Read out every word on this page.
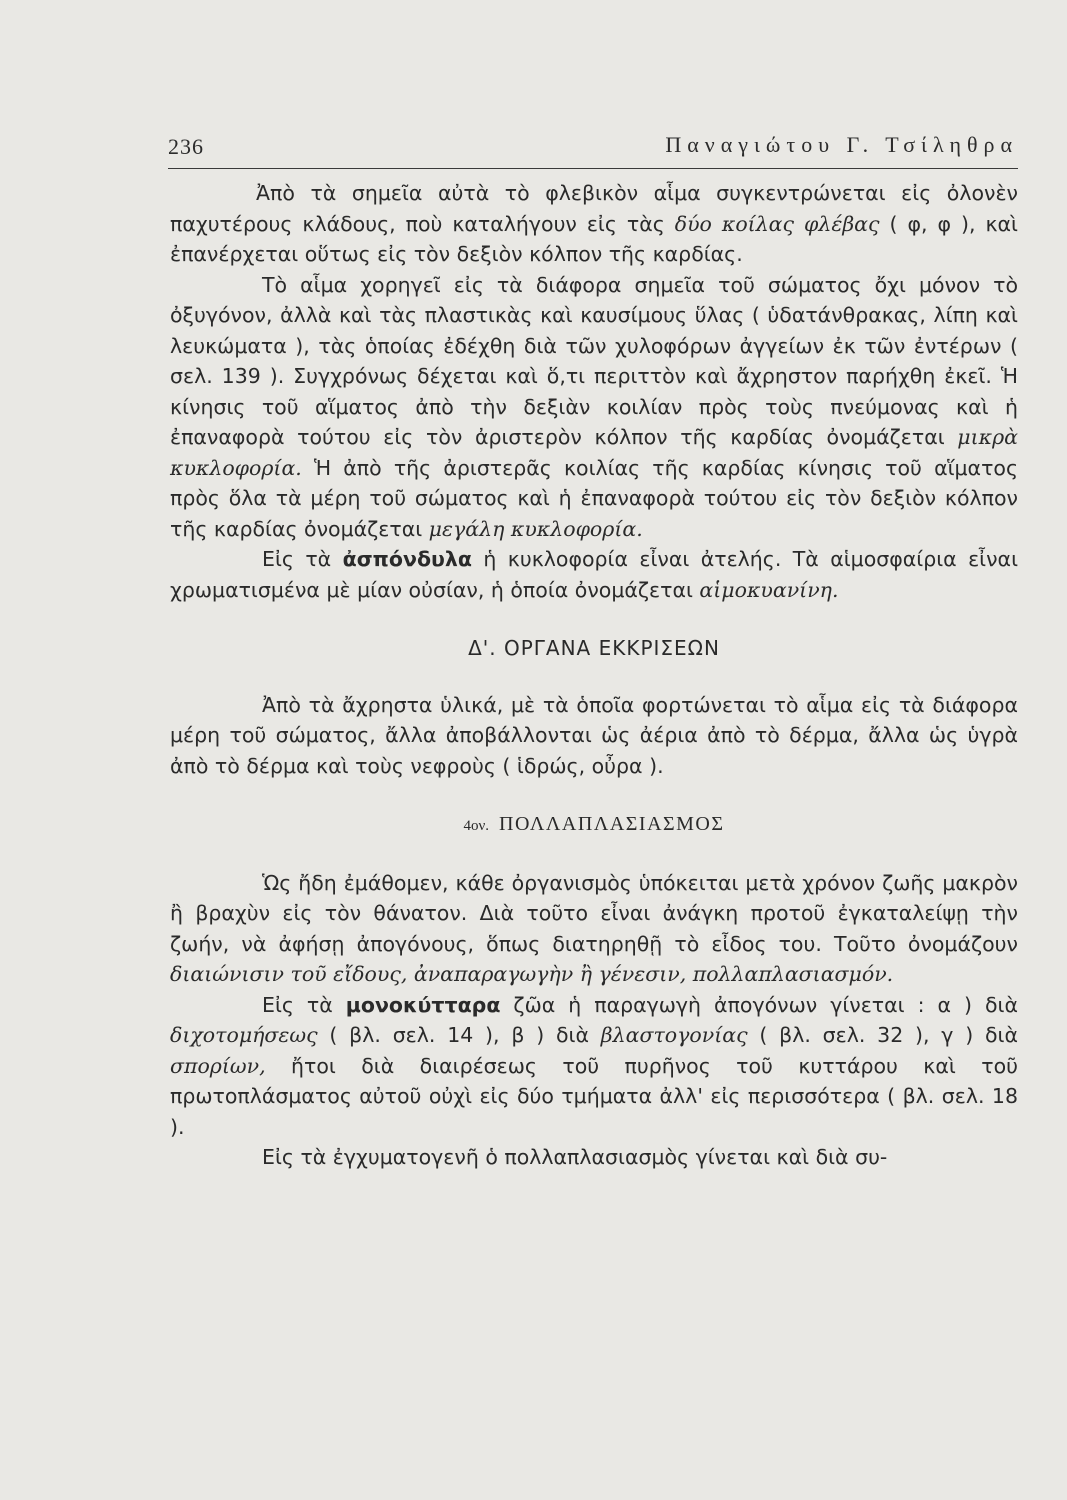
236	Παναγιώτου Γ. Τσίληθρα

Ἀπὸ τὰ σημεῖα αὐτὰ τὸ φλεβικὸν αἷμα συγκεντρώνεται εἰς ὀλονὲν παχυτέρους κλάδους, ποὺ καταλήγουν εἰς τὰς δύο κοίλας φλέβας ( φ, φ ), καὶ ἐπανέρχεται οὕτως εἰς τὸν δεξιὸν κόλπον τῆς καρδίας.

Τὸ αἷμα χορηγεῖ εἰς τὰ διάφορα σημεῖα τοῦ σώματος ὄχι μόνον τὸ ὀξυγόνον, ἀλλὰ καὶ τὰς πλαστικὰς καὶ καυσίμους ὕλας ( ὑδατάνθρακας, λίπη καὶ λευκώματα ), τὰς ὁποίας ἐδέχθη διὰ τῶν χυλοφόρων ἀγγείων ἐκ τῶν ἐντέρων ( σελ. 139 ). Συγχρόνως δέχεται καὶ ὅ,τι περιττὸν καὶ ἄχρηστον παρήχθη ἐκεῖ. Ἡ κίνησις τοῦ αἵματος ἀπὸ τὴν δεξιὰν κοιλίαν πρὸς τοὺς πνεύμονας καὶ ἡ ἐπαναφορὰ τούτου εἰς τὸν ἀριστερὸν κόλπον τῆς καρδίας ὀνομάζεται μικρὰ κυκλοφορία. Ἡ ἀπὸ τῆς ἀριστερᾶς κοιλίας τῆς καρδίας κίνησις τοῦ αἵματος πρὸς ὅλα τὰ μέρη τοῦ σώματος καὶ ἡ ἐπαναφορὰ τούτου εἰς τὸν δεξιὸν κόλπον τῆς καρδίας ὀνομάζεται μεγάλη κυκλοφορία.

Εἰς τὰ ἀσπόνδυλα ἡ κυκλοφορία εἶναι ἀτελής. Τὰ αἱμοσφαίρια εἶναι χρωματισμένα μὲ μίαν οὐσίαν, ἡ ὁποία ὀνομάζεται αἱμοκυανίνη.

Δ'. ΟΡΓΑΝΑ ΕΚΚΡΙΣΕΩΝ

Ἀπὸ τὰ ἄχρηστα ὑλικά, μὲ τὰ ὁποῖα φορτώνεται τὸ αἷμα εἰς τὰ διάφορα μέρη τοῦ σώματος, ἄλλα ἀποβάλλονται ὡς ἀέρια ἀπὸ τὸ δέρμα, ἄλλα ὡς ὑγρὰ ἀπὸ τὸ δέρμα καὶ τοὺς νεφροὺς ( ἱδρώς, οὖρα ).

4ον. ΠΟΛΛΑΠΛΑΣΙΑΣΜΟΣ

Ὡς ἤδη ἐμάθομεν, κάθε ὀργανισμὸς ὑπόκειται μετὰ χρόνον ζωῆς μακρὸν ἢ βραχὺν εἰς τὸν θάνατον. Διὰ τοῦτο εἶναι ἀνάγκη προτοῦ ἐγκαταλείψῃ τὴν ζωήν, νὰ ἀφήσῃ ἀπογόνους, ὅπως διατηρηθῇ τὸ εἶδος του. Τοῦτο ὀνομάζουν διαιώνισιν τοῦ εἴδους, ἀναπαραγωγὴν ἢ γένεσιν, πολλαπλασιασμόν.

Εἰς τὰ μονοκύτταρα ζῶα ἡ παραγωγὴ ἀπογόνων γίνεται : α ) διὰ διχοτομήσεως ( βλ. σελ. 14 ), β ) διὰ βλαστογονίας ( βλ. σελ. 32 ), γ ) διὰ σπορίων, ἤτοι διὰ διαιρέσεως τοῦ πυρῆνος τοῦ κυττάρου καὶ τοῦ πρωτοπλάσματος αὐτοῦ οὐχὶ εἰς δύο τμήματα ἀλλ' εἰς περισσότερα ( βλ. σελ. 18 ).

Εἰς τὰ ἐγχυματογενῆ ὁ πολλαπλασιασμὸς γίνεται καὶ διὰ συ-
